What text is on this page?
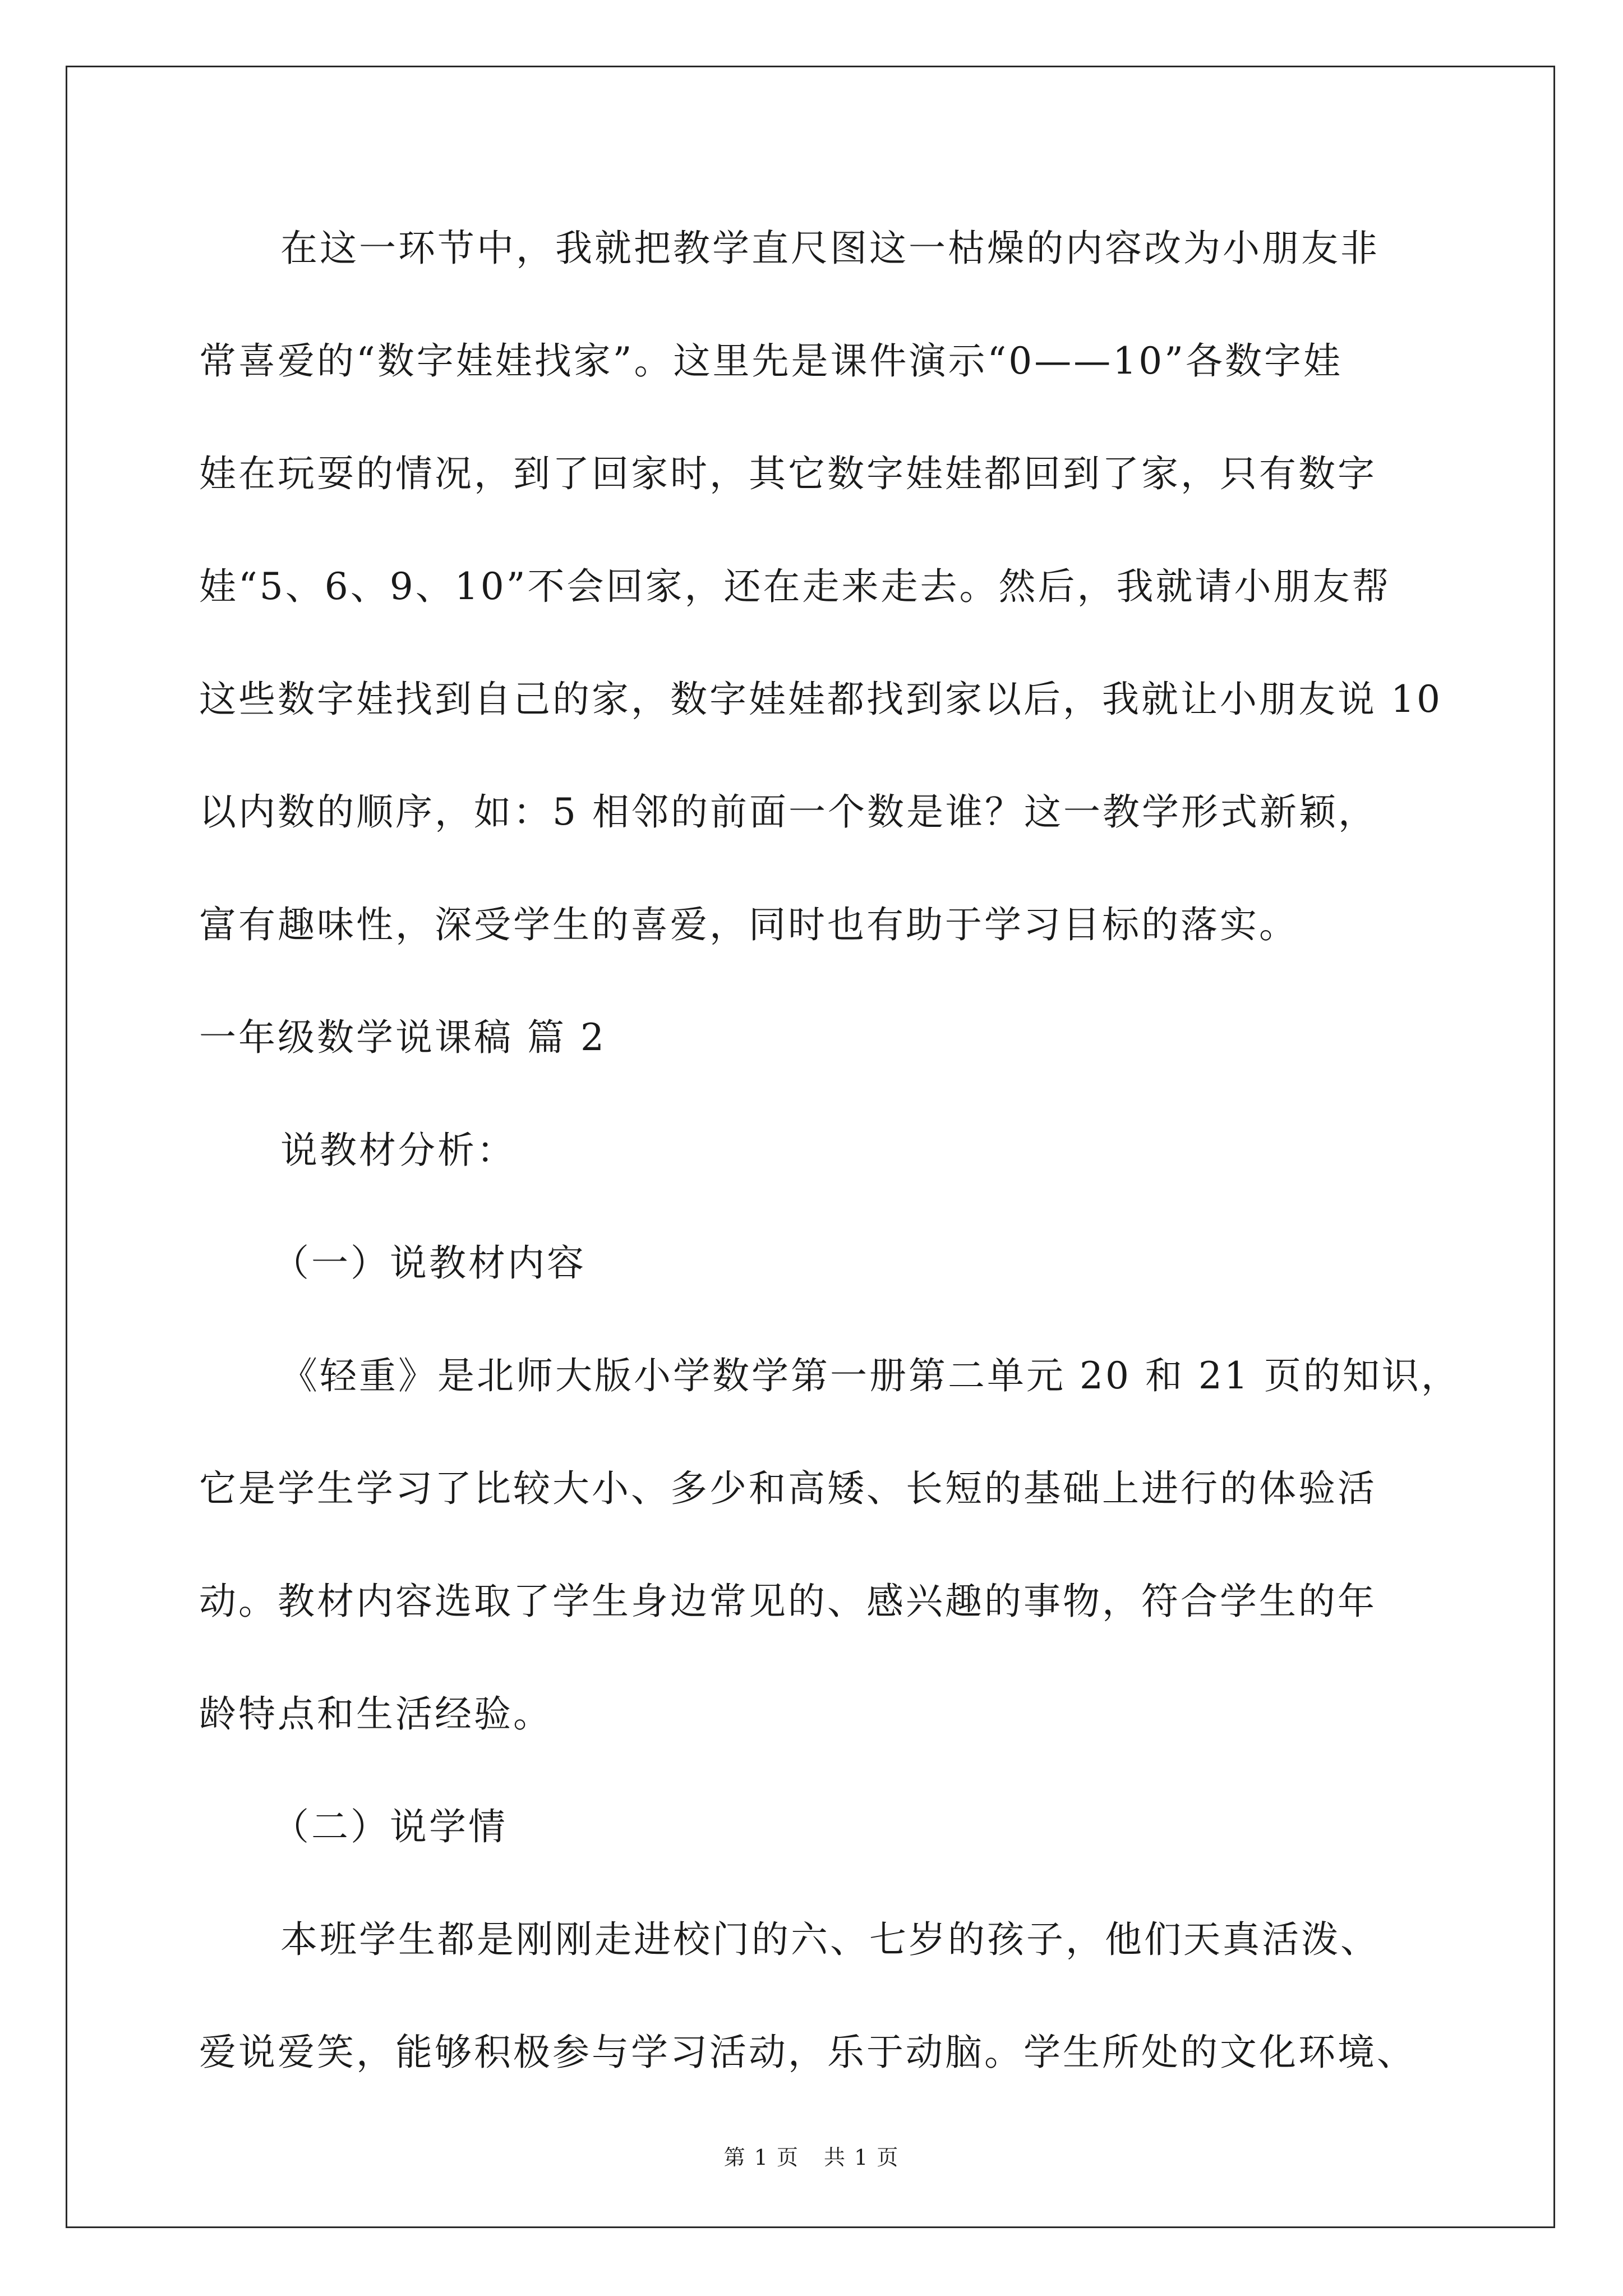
在这一环节中，我就把教学直尺图这一枯燥的内容改为小朋友非
常喜爱的“数字娃娃找家”。这里先是课件演示“0——10”各数字娃
娃在玩耍的情况，到了回家时，其它数字娃娃都回到了家，只有数字
娃“5、6、9、10”不会回家，还在走来走去。然后，我就请小朋友帮
这些数字娃找到自己的家，数字娃娃都找到家以后，我就让小朋友说 10
以内数的顺序，如：5 相邻的前面一个数是谁？这一教学形式新颖，
富有趣味性，深受学生的喜爱，同时也有助于学习目标的落实。
一年级数学说课稿 篇 2
说教材分析：
（一）说教材内容
《轻重》是北师大版小学数学第一册第二单元 20 和 21 页的知识，
它是学生学习了比较大小、多少和高矮、长短的基础上进行的体验活
动。教材内容选取了学生身边常见的、感兴趣的事物，符合学生的年
龄特点和生活经验。
（二）说学情
本班学生都是刚刚走进校门的六、七岁的孩子，他们天真活泼、
爱说爱笑，能够积极参与学习活动，乐于动脑。学生所处的文化环境、
第 1 页 共 1 页
